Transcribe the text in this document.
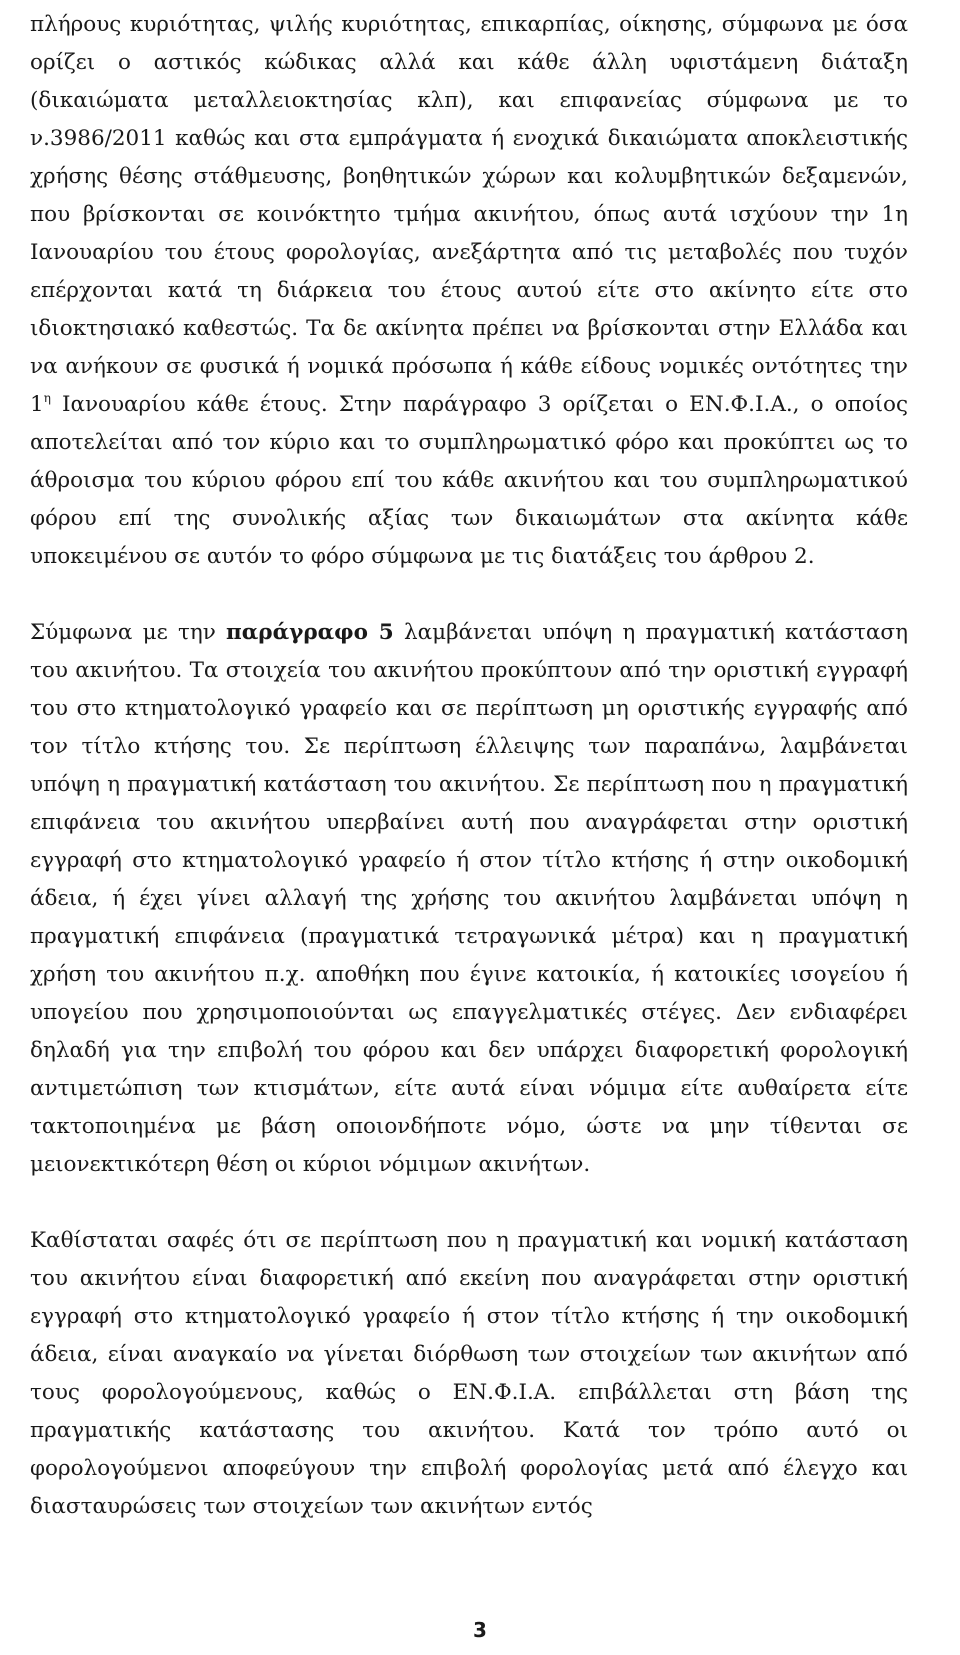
πλήρους κυριότητας, ψιλής κυριότητας, επικαρπίας, οίκησης, σύμφωνα με όσα ορίζει ο αστικός κώδικας αλλά και κάθε άλλη υφιστάμενη διάταξη (δικαιώματα μεταλλειοκτησίας κλπ), και επιφανείας σύμφωνα με το ν.3986/2011 καθώς και στα εμπράγματα ή ενοχικά δικαιώματα αποκλειστικής χρήσης θέσης στάθμευσης, βοηθητικών χώρων και κολυμβητικών δεξαμενών, που βρίσκονται σε κοινόκτητο τμήμα ακινήτου, όπως αυτά ισχύουν την 1η Ιανουαρίου του έτους φορολογίας, ανεξάρτητα από τις μεταβολές που τυχόν επέρχονται κατά τη διάρκεια του έτους αυτού είτε στο ακίνητο είτε στο ιδιοκτησιακό καθεστώς. Τα δε ακίνητα πρέπει να βρίσκονται στην Ελλάδα και να ανήκουν σε φυσικά ή νομικά πρόσωπα ή κάθε είδους νομικές οντότητες την $1^\eta$ Ιανουαρίου κάθε έτους. Στην παράγραφο 3 ορίζεται ο ΕΝ.Φ.Ι.Α., ο οποίος αποτελείται από τον κύριο και το συμπληρωματικό φόρο και προκύπτει ως το άθροισμα του κύριου φόρου επί του κάθε ακινήτου και του συμπληρωματικού φόρου επί της συνολικής αξίας των δικαιωμάτων στα ακίνητα κάθε υποκειμένου σε αυτόν το φόρο σύμφωνα με τις διατάξεις του άρθρου 2.

Σύμφωνα με την παράγραφο 5 λαμβάνεται υπόψη η πραγματική κατάσταση του ακινήτου. Τα στοιχεία του ακινήτου προκύπτουν από την οριστική εγγραφή του στο κτηματολογικό γραφείο και σε περίπτωση μη οριστικής εγγραφής από τον τίτλο κτήσης του. Σε περίπτωση έλλειψης των παραπάνω, λαμβάνεται υπόψη η πραγματική κατάσταση του ακινήτου. Σε περίπτωση που η πραγματική επιφάνεια του ακινήτου υπερβαίνει αυτή που αναγράφεται στην οριστική εγγραφή στο κτηματολογικό γραφείο ή στον τίτλο κτήσης ή στην οικοδομική άδεια, ή έχει γίνει αλλαγή της χρήσης του ακινήτου λαμβάνεται υπόψη η πραγματική επιφάνεια (πραγματικά τετραγωνικά μέτρα) και η πραγματική χρήση του ακινήτου π.χ. αποθήκη που έγινε κατοικία, ή κατοικίες ισογείου ή υπογείου που χρησιμοποιούνται ως επαγγελματικές στέγες. Δεν ενδιαφέρει δηλαδή για την επιβολή του φόρου και δεν υπάρχει διαφορετική φορολογική αντιμετώπιση των κτισμάτων, είτε αυτά είναι νόμιμα είτε αυθαίρετα είτε τακτοποιημένα με βάση οποιονδήποτε νόμο, ώστε να μην τίθενται σε μειονεκτικότερη θέση οι κύριοι νόμιμων ακινήτων.

Καθίσταται σαφές ότι σε περίπτωση που η πραγματική και νομική κατάσταση του ακινήτου είναι διαφορετική από εκείνη που αναγράφεται στην οριστική εγγραφή στο κτηματολογικό γραφείο ή στον τίτλο κτήσης ή την οικοδομική άδεια, είναι αναγκαίο να γίνεται διόρθωση των στοιχείων των ακινήτων από τους φορολογούμενους, καθώς ο ΕΝ.Φ.Ι.Α. επιβάλλεται στη βάση της πραγματικής κατάστασης του ακινήτου. Κατά τον τρόπο αυτό οι φορολογούμενοι αποφεύγουν την επιβολή φορολογίας μετά από έλεγχο και διασταυρώσεις των στοιχείων των ακινήτων εντός

3
